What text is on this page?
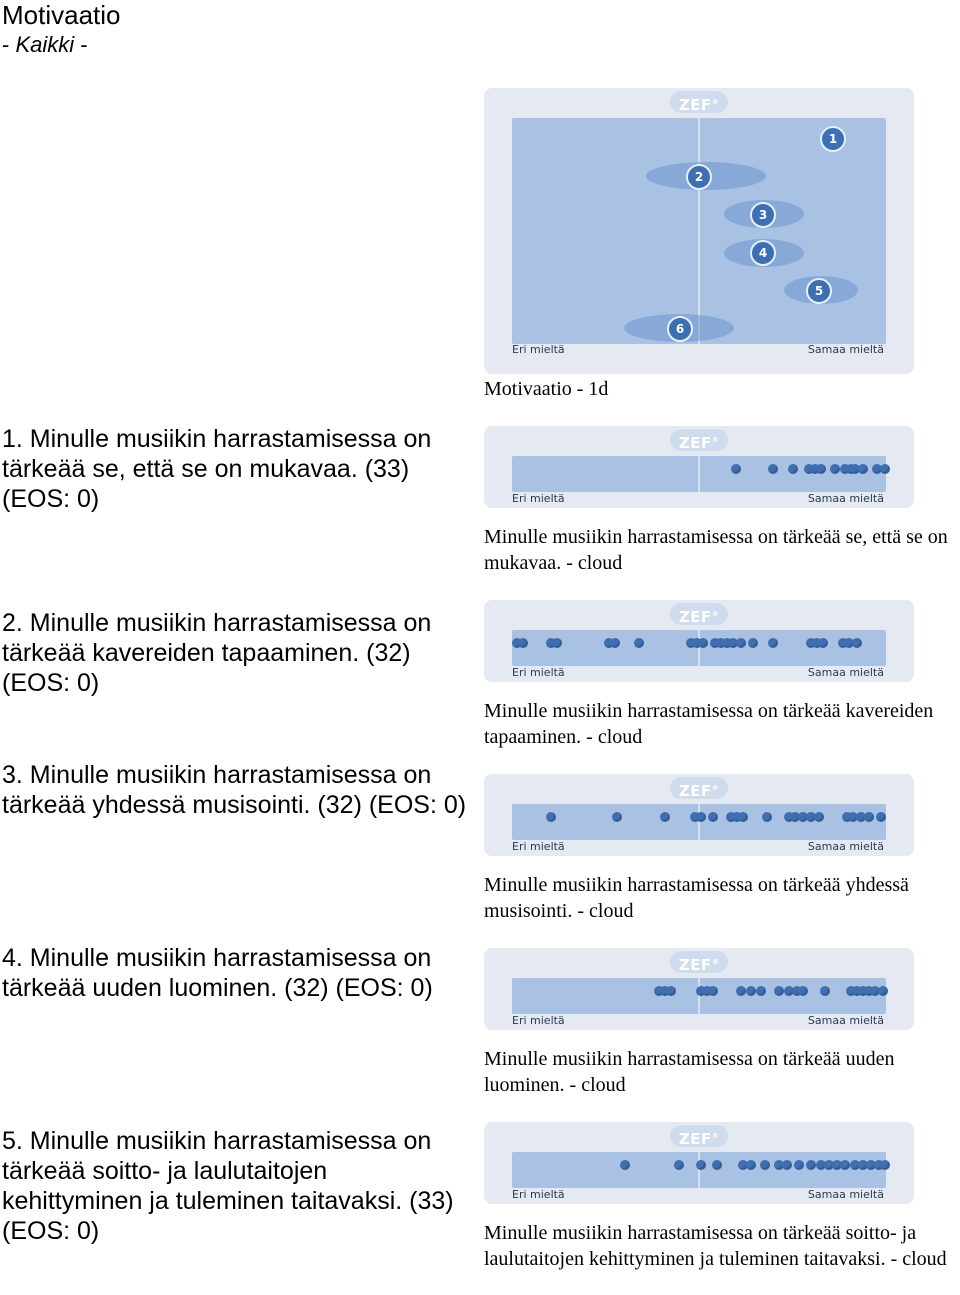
Motivaatio
- Kaikki -
1. Minulle musiikin harrastamisessa on tärkeää se, että se on mukavaa. (33) (EOS: 0)
2. Minulle musiikin harrastamisessa on tärkeää kavereiden tapaaminen. (32) (EOS: 0)
3. Minulle musiikin harrastamisessa on tärkeää yhdessä musisointi. (32) (EOS: 0)
4. Minulle musiikin harrastamisessa on tärkeää uuden luominen. (32) (EOS: 0)
5. Minulle musiikin harrastamisessa on tärkeää soitto- ja laulutaitojen kehittyminen ja tuleminen taitavaksi. (33) (EOS: 0)
ZEF®
1
2
3
4
5
6
Eri mieltä	Samaa mieltä
Motivaatio - 1d
ZEF®
Eri mieltä	Samaa mieltä
Minulle musiikin harrastamisessa on tärkeää se, että se on mukavaa. - cloud
ZEF®
Eri mieltä	Samaa mieltä
Minulle musiikin harrastamisessa on tärkeää kavereiden tapaaminen. - cloud
ZEF®
Eri mieltä	Samaa mieltä
Minulle musiikin harrastamisessa on tärkeää yhdessä musisointi. - cloud
ZEF®
Eri mieltä	Samaa mieltä
Minulle musiikin harrastamisessa on tärkeää uuden luominen. - cloud
ZEF®
Eri mieltä	Samaa mieltä
Minulle musiikin harrastamisessa on tärkeää soitto- ja laulutaitojen kehittyminen ja tuleminen taitavaksi. - cloud
